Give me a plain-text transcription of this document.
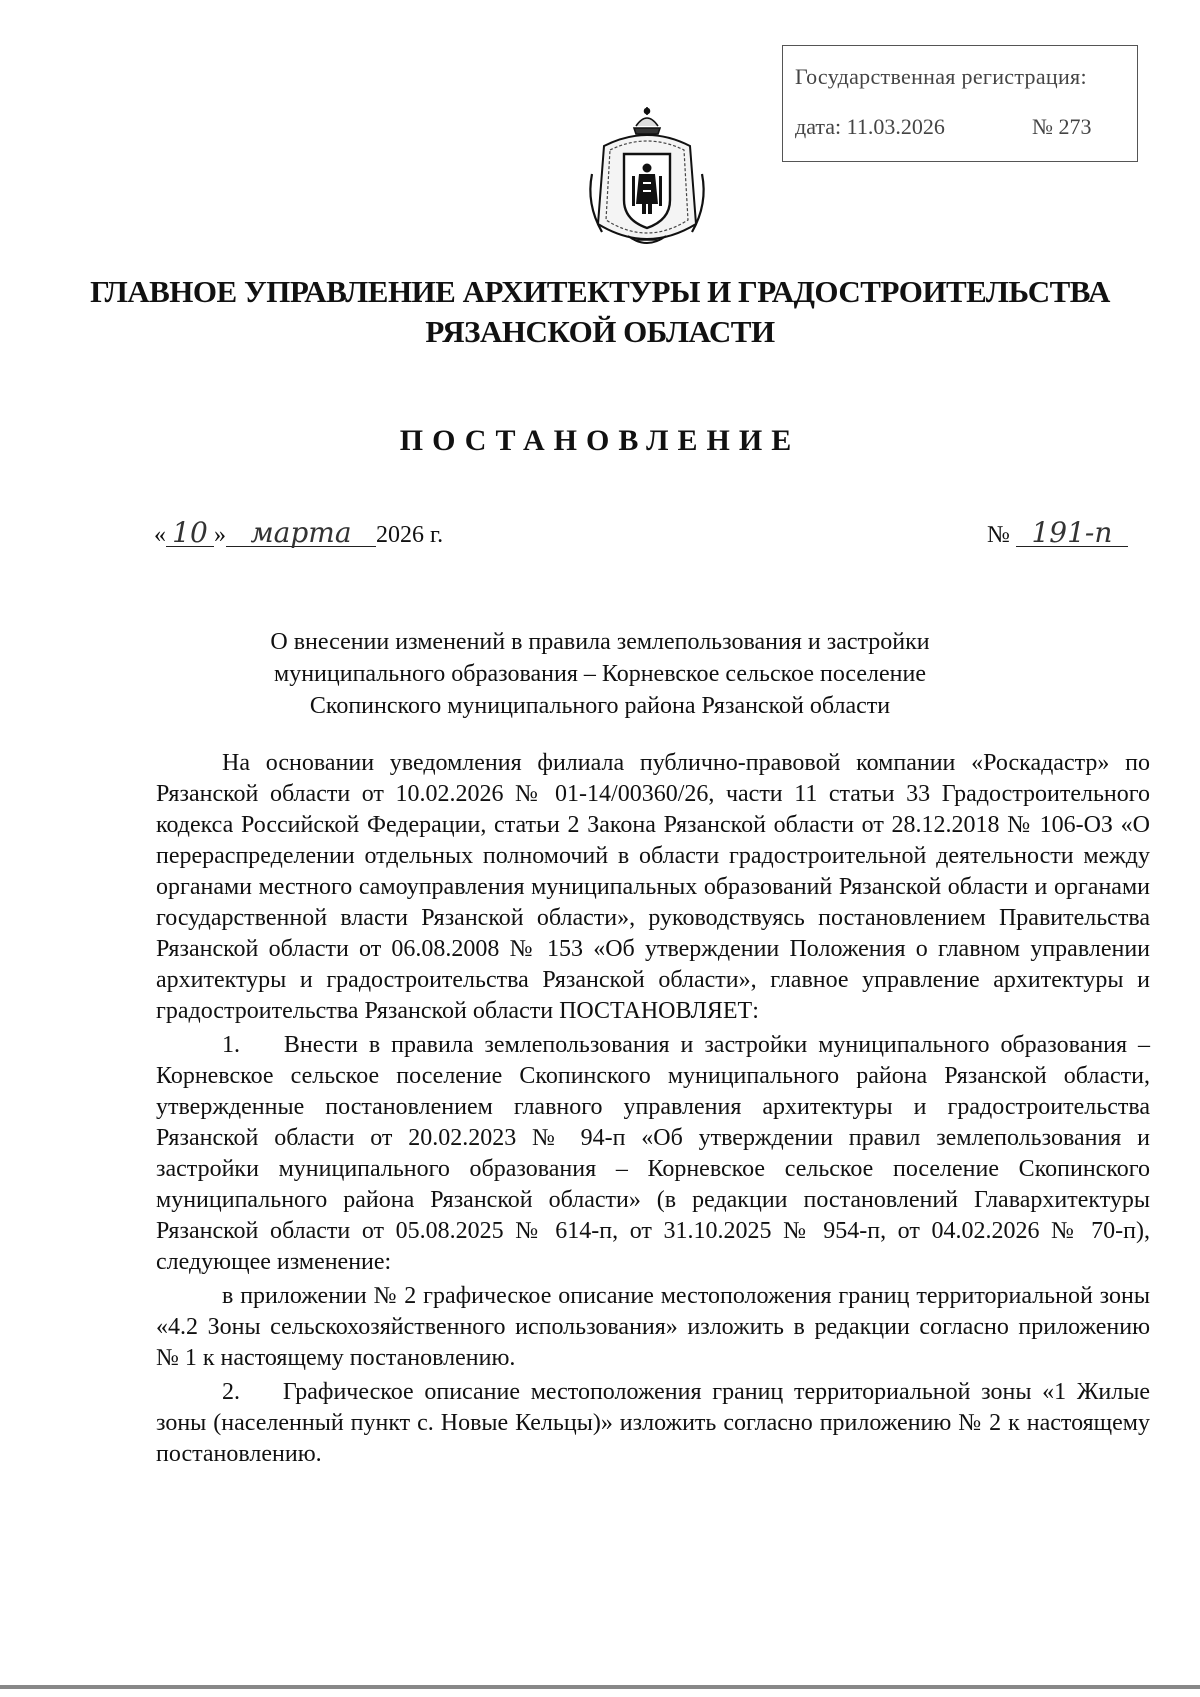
Государственная регистрация:
дата: 11.03.2026	№ 273
ГЛАВНОЕ УПРАВЛЕНИЕ АРХИТЕКТУРЫ И ГРАДОСТРОИТЕЛЬСТВА
РЯЗАНСКОЙ ОБЛАСТИ
ПОСТАНОВЛЕНИЕ
« 10 » марта 2026 г.	№ 191-п
О внесении изменений в правила землепользования и застройки
муниципального образования – Корневское сельское поселение
Скопинского муниципального района Рязанской области

На основании уведомления филиала публично-правовой компании «Роскадастр» по Рязанской области от 10.02.2026 № 01-14/00360/26, части 11 статьи 33 Градостроительного кодекса Российской Федерации, статьи 2 Закона Рязанской области от 28.12.2018 № 106-ОЗ «О перераспределении отдельных полномочий в области градостроительной деятельности между органами местного самоуправления муниципальных образований Рязанской области и органами государственной власти Рязанской области», руководствуясь постановлением Правительства Рязанской области от 06.08.2008 № 153 «Об утверждении Положения о главном управлении архитектуры и градостроительства Рязанской области», главное управление архитектуры и градостроительства Рязанской области ПОСТАНОВЛЯЕТ:

1. Внести в правила землепользования и застройки муниципального образования – Корневское сельское поселение Скопинского муниципального района Рязанской области, утвержденные постановлением главного управления архитектуры и градостроительства Рязанской области от 20.02.2023 № 94-п «Об утверждении правил землепользования и застройки муниципального образования – Корневское сельское поселение Скопинского муниципального района Рязанской области» (в редакции постановлений Главархитектуры Рязанской области от 05.08.2025 № 614-п, от 31.10.2025 № 954-п, от 04.02.2026 № 70-п), следующее изменение:

в приложении № 2 графическое описание местоположения границ территориальной зоны «4.2 Зоны сельскохозяйственного использования» изложить в редакции согласно приложению № 1 к настоящему постановлению.

2. Графическое описание местоположения границ территориальной зоны «1 Жилые зоны (населенный пункт с. Новые Кельцы)» изложить согласно приложению № 2 к настоящему постановлению.
